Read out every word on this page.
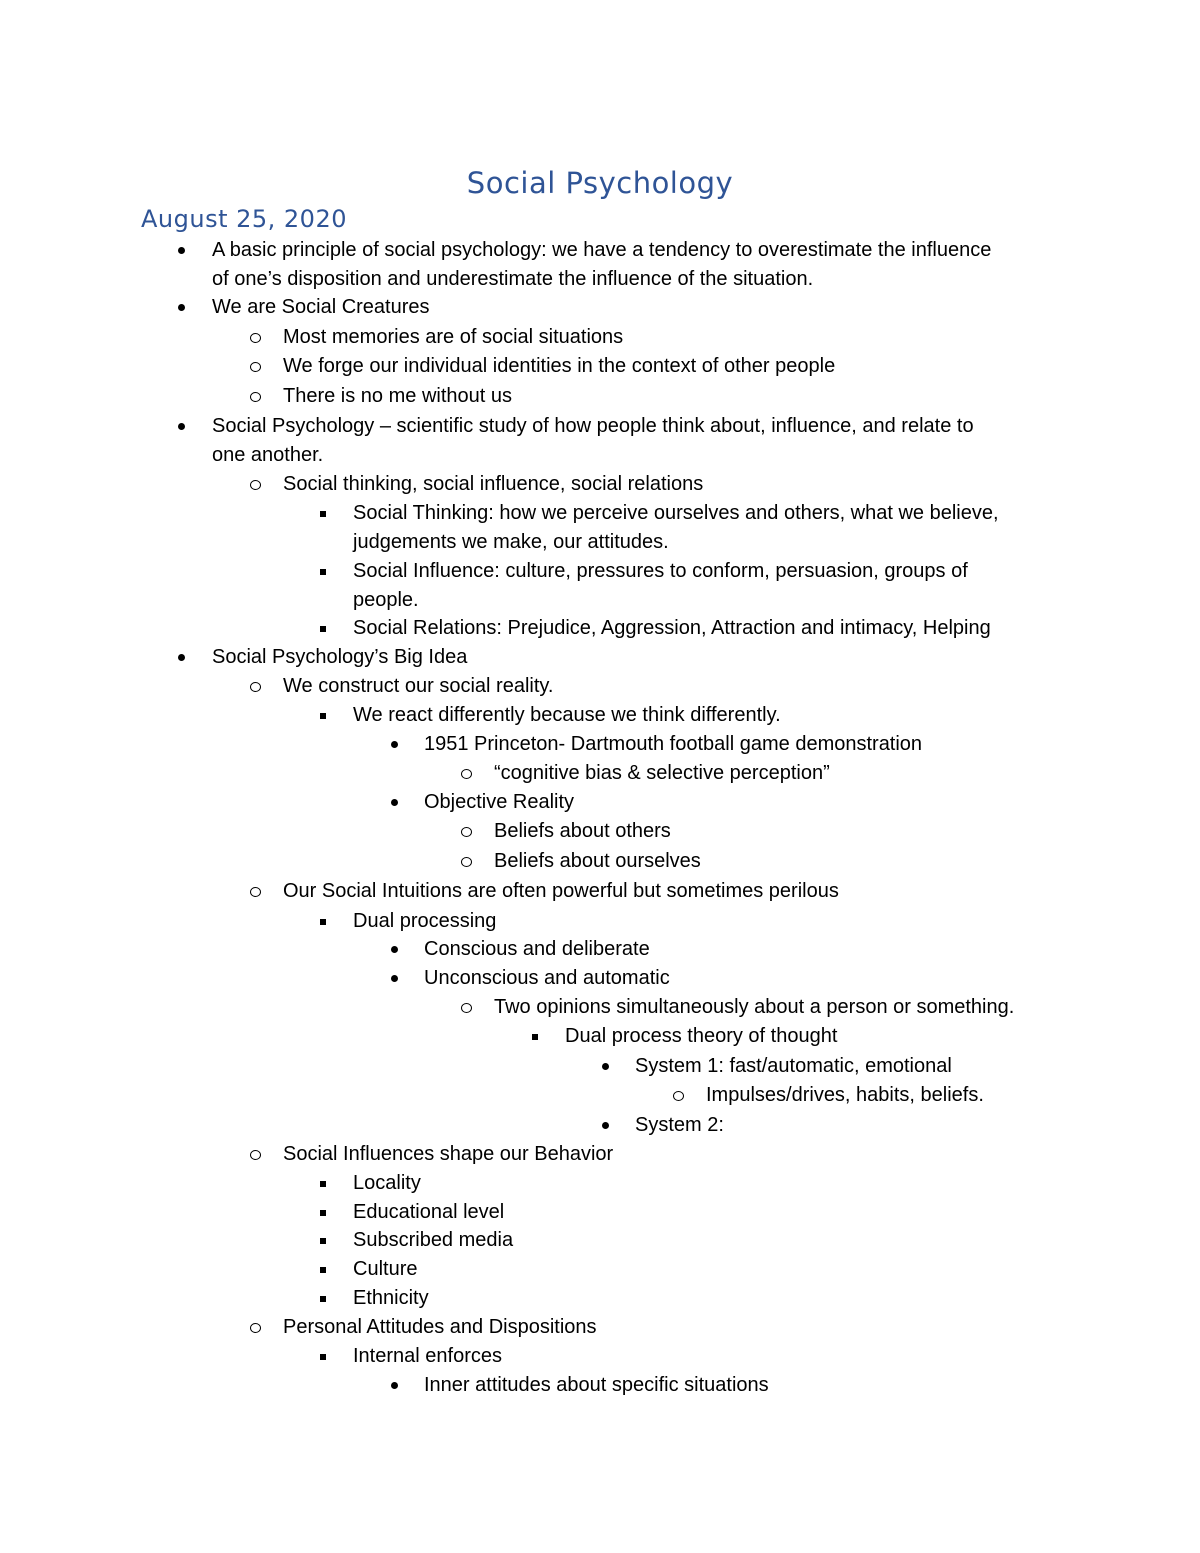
Social Psychology
August 25, 2020
A basic principle of social psychology: we have a tendency to overestimate the influence
of one’s disposition and underestimate the influence of the situation.
We are Social Creatures
Most memories are of social situations
We forge our individual identities in the context of other people
There is no me without us
Social Psychology – scientific study of how people think about, influence, and relate to
one another.
Social thinking, social influence, social relations
Social Thinking: how we perceive ourselves and others, what we believe,
judgements we make, our attitudes.
Social Influence: culture, pressures to conform, persuasion, groups of
people.
Social Relations: Prejudice, Aggression, Attraction and intimacy, Helping
Social Psychology’s Big Idea
We construct our social reality.
We react differently because we think differently.
1951 Princeton- Dartmouth football game demonstration
“cognitive bias & selective perception”
Objective Reality
Beliefs about others
Beliefs about ourselves
Our Social Intuitions are often powerful but sometimes perilous
Dual processing
Conscious and deliberate
Unconscious and automatic
Two opinions simultaneously about a person or something.
Dual process theory of thought
System 1: fast/automatic, emotional
Impulses/drives, habits, beliefs.
System 2:
Social Influences shape our Behavior
Locality
Educational level
Subscribed media
Culture
Ethnicity
Personal Attitudes and Dispositions
Internal enforces
Inner attitudes about specific situations
